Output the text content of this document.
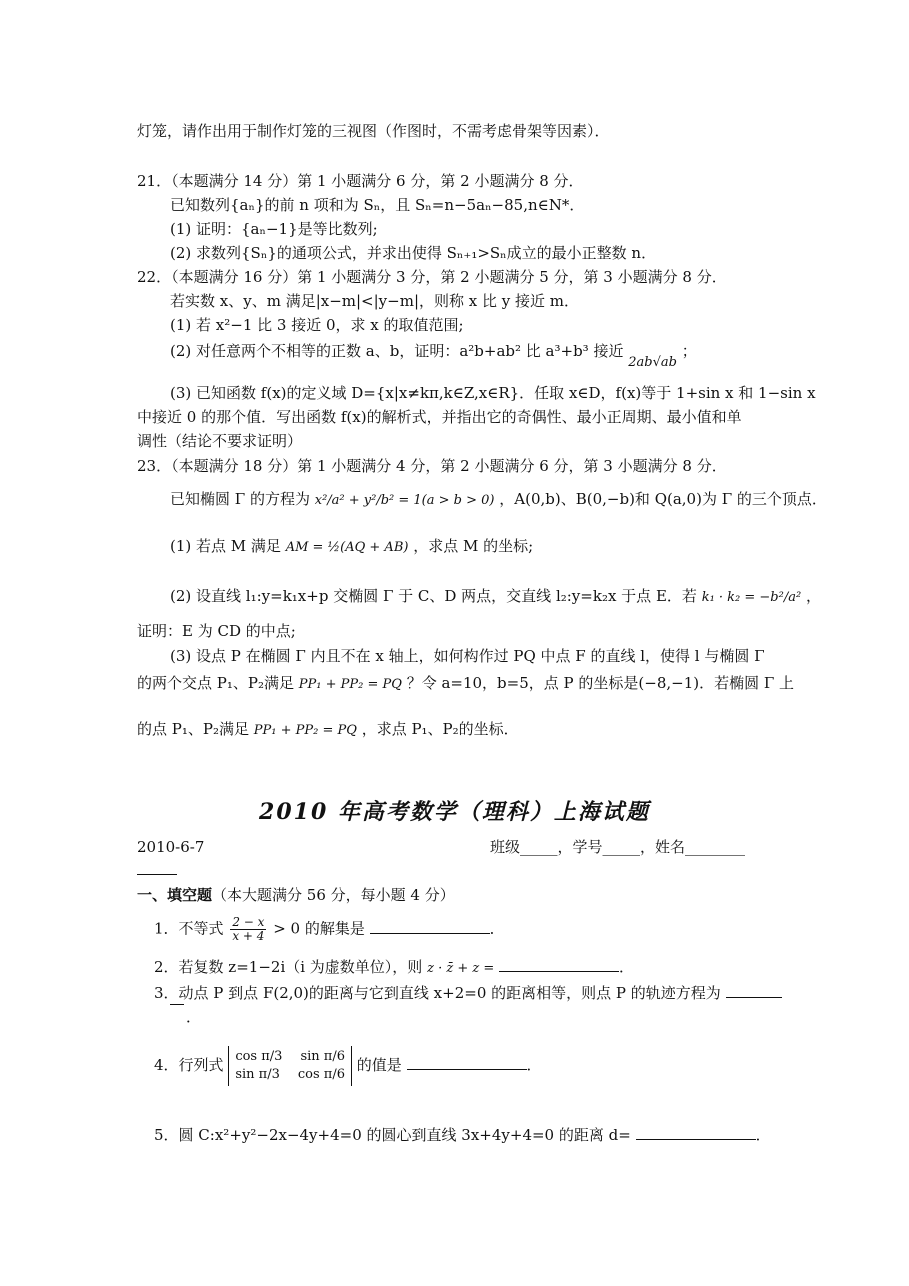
灯笼，请作出用于制作灯笼的三视图（作图时，不需考虑骨架等因素）．
21．（本题满分 14 分）第 1 小题满分 6 分，第 2 小题满分 8 分．
已知数列{aₙ}的前 n 项和为 Sₙ，且 Sₙ=n−5aₙ−85,n∈N*．
(1) 证明：{aₙ−1}是等比数列;
(2) 求数列{Sₙ}的通项公式，并求出使得 Sₙ₊₁>Sₙ成立的最小正整数 n．
22．（本题满分 16 分）第 1 小题满分 3 分，第 2 小题满分 5 分，第 3 小题满分 8 分．
若实数 x、y、m 满足|x−m|<|y−m|，则称 x 比 y 接近 m．
(1) 若 x²−1 比 3 接近 0，求 x 的取值范围;
(2) 对任意两个不相等的正数 a、b，证明：a²b+ab² 比 a³+b³ 接近 2ab√ab ；
(3) 已知函数 f(x)的定义域 D={x|x≠kπ,k∈Z,x∈R}．任取 x∈D，f(x)等于 1+sin x 和 1−sin x
中接近 0 的那个值．写出函数 f(x)的解析式，并指出它的奇偶性、最小正周期、最小值和单
调性（结论不要求证明）
23．（本题满分 18 分）第 1 小题满分 4 分，第 2 小题满分 6 分，第 3 小题满分 8 分．
已知椭圆 Γ 的方程为 x²/a² + y²/b² = 1(a > b > 0) ，A(0,b)、B(0,−b)和 Q(a,0)为 Γ 的三个顶点．
(1) 若点 M 满足 AM = ½(AQ + AB) ，求点 M 的坐标;
(2) 设直线 l₁:y=k₁x+p 交椭圆 Γ 于 C、D 两点，交直线 l₂:y=k₂x 于点 E．若 k₁ · k₂ = −b²/a² ，
证明：E 为 CD 的中点;
(3) 设点 P 在椭圆 Γ 内且不在 x 轴上，如何构作过 PQ 中点 F 的直线 l，使得 l 与椭圆 Γ
的两个交点 P₁、P₂满足 PP₁ + PP₂ = PQ ？令 a=10，b=5，点 P 的坐标是(−8,−1)．若椭圆 Γ 上
的点 P₁、P₂满足 PP₁ + PP₂ = PQ ，求点 P₁、P₂的坐标．
2010 年高考数学（理科）上海试题
2010-6-7	班级_____，学号_____，姓名________
一、填空题（本大题满分 56 分，每小题 4 分）
1．不等式 $\frac{2 - x}{x + 4} > 0$ 的解集是	．
2．若复数 z=1−2i（i 为虚数单位），则 z · z̄ + z =	．
3．动点 P 到点 F(2,0)的距离与它到直线 x+2=0 的距离相等，则点 P 的轨迹方程为
．
4．行列式 cos π/3 sin π/6
sin π/3 cos π/6
的值是	．
5．圆 C:x²+y²−2x−4y+4=0 的圆心到直线 3x+4y+4=0 的距离 d=	．
